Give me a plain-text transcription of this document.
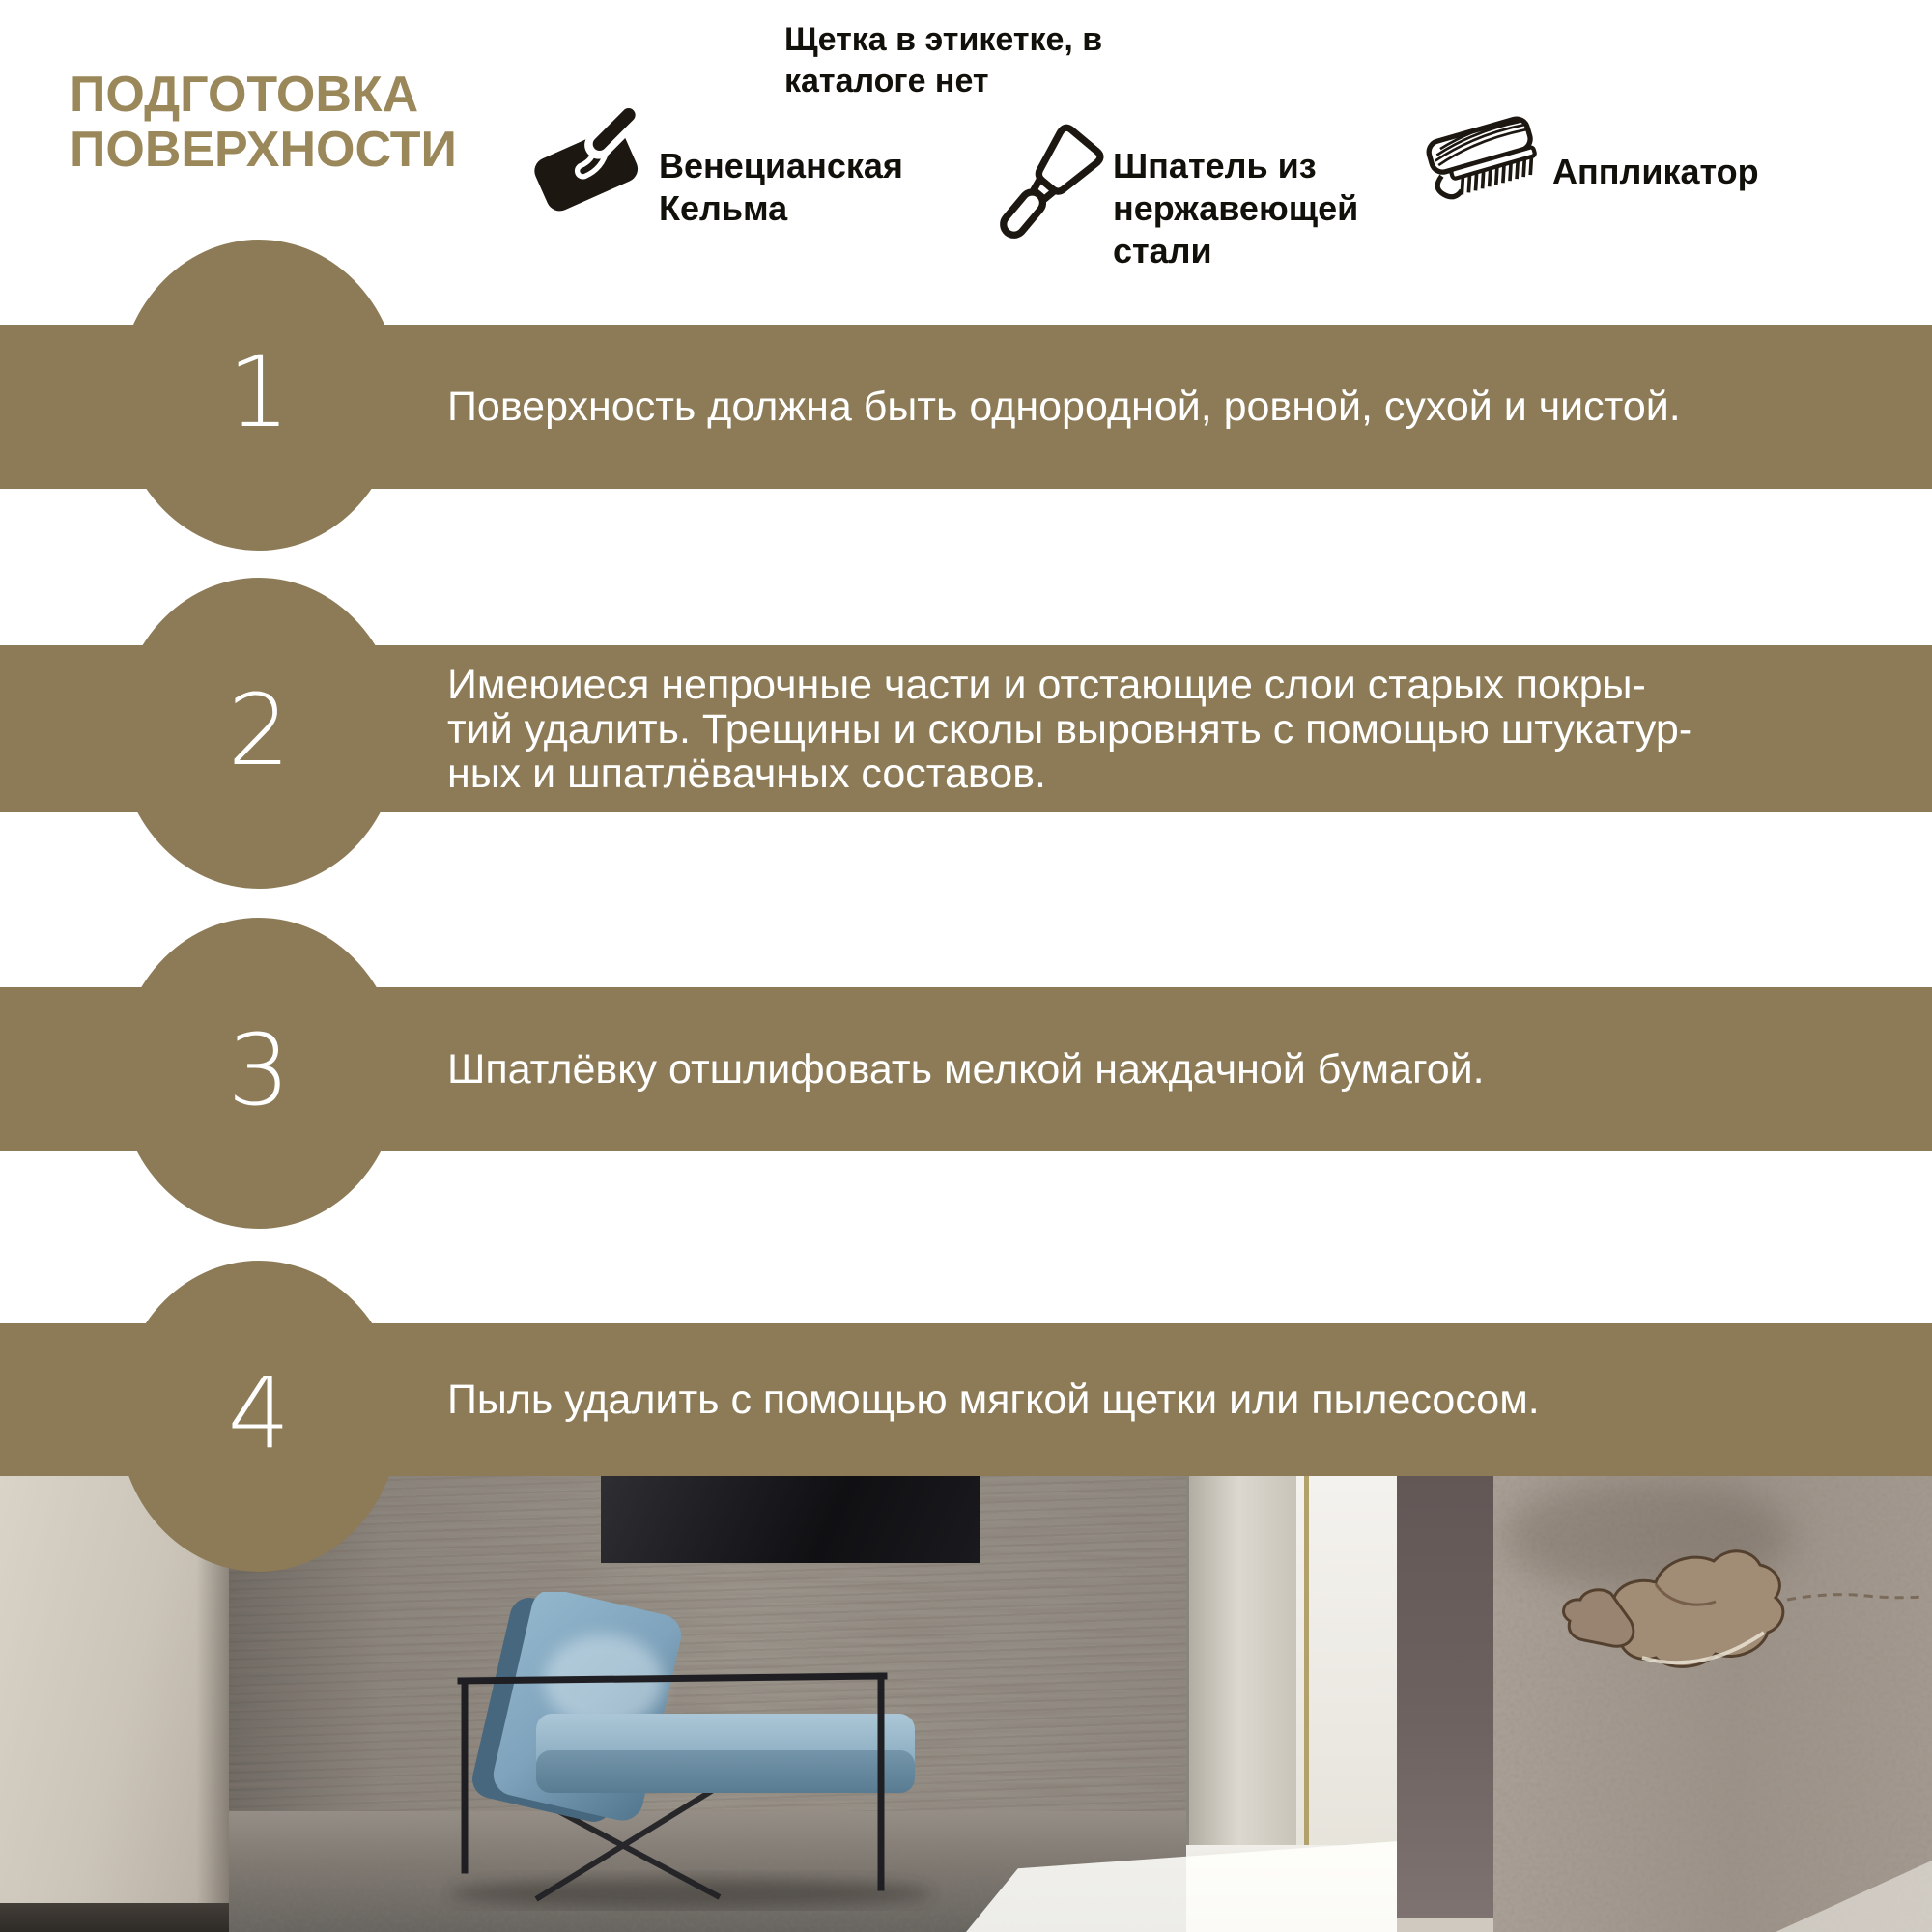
ПОДГОТОВКА
ПОВЕРХНОСТИ
Щетка в этикетке, в
каталоге нет
Венецианская
Кельма
Шпатель из
нержавеющей
стали
Аппликатор
Поверхность должна быть однородной, ровной, сухой и чистой.
Имеюиеся непрочные части и отстающие слои старых покры-
тий удалить. Трещины и сколы выровнять с помощью штукатур-
ных и шпатлёвачных составов.
Шпатлёвку отшлифовать мелкой наждачной бумагой.
Пыль удалить с помощью мягкой щетки или пылесосом.
1
2
3
4
